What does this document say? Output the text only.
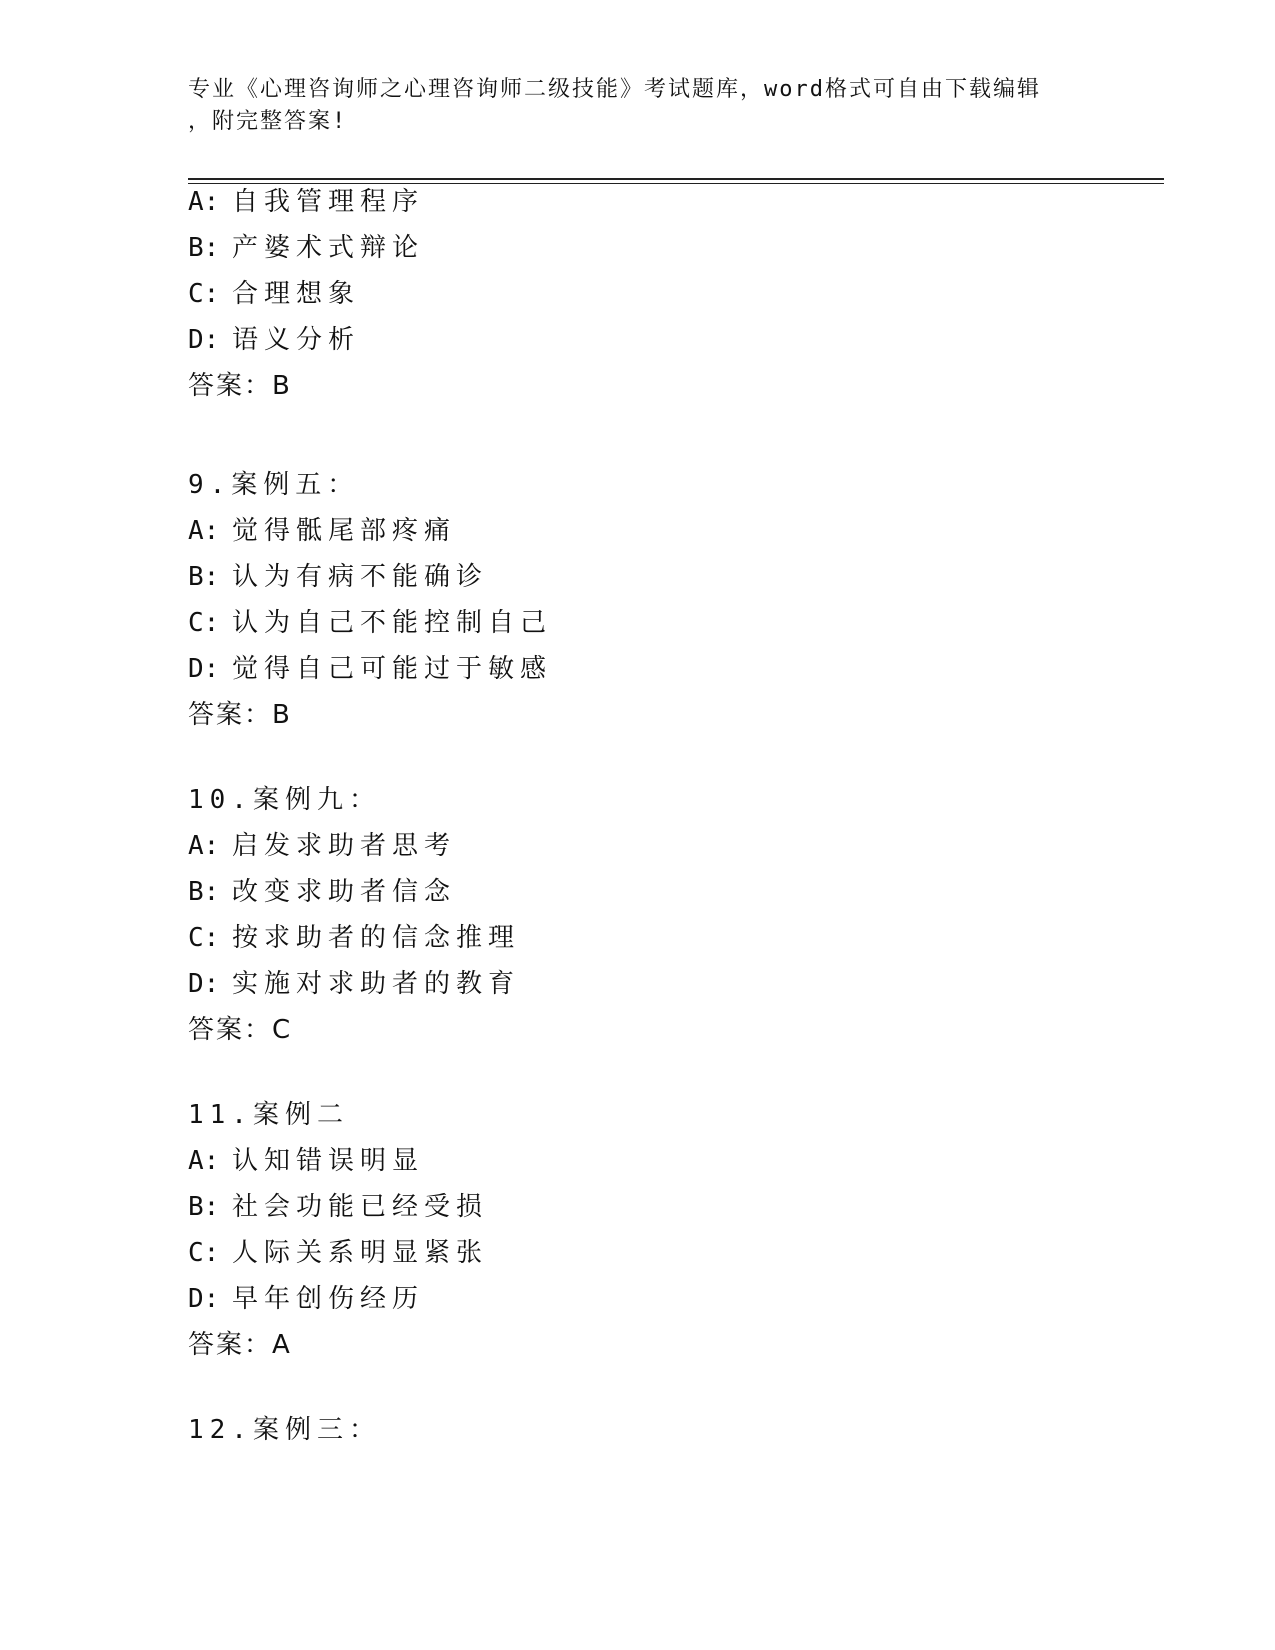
专业《心理咨询师之心理咨询师二级技能》考试题库，word格式可自由下载编辑
，附完整答案!
A: 自我管理程序
B: 产婆术式辩论
C: 合理想象
D: 语义分析
答案：B
9.案例五：
A: 觉得骶尾部疼痛
B: 认为有病不能确诊
C: 认为自己不能控制自己
D: 觉得自己可能过于敏感
答案：B
10.案例九：
A: 启发求助者思考
B: 改变求助者信念
C: 按求助者的信念推理
D: 实施对求助者的教育
答案：C
11.案例二
A: 认知错误明显
B: 社会功能已经受损
C: 人际关系明显紧张
D: 早年创伤经历
答案：A
12.案例三：
